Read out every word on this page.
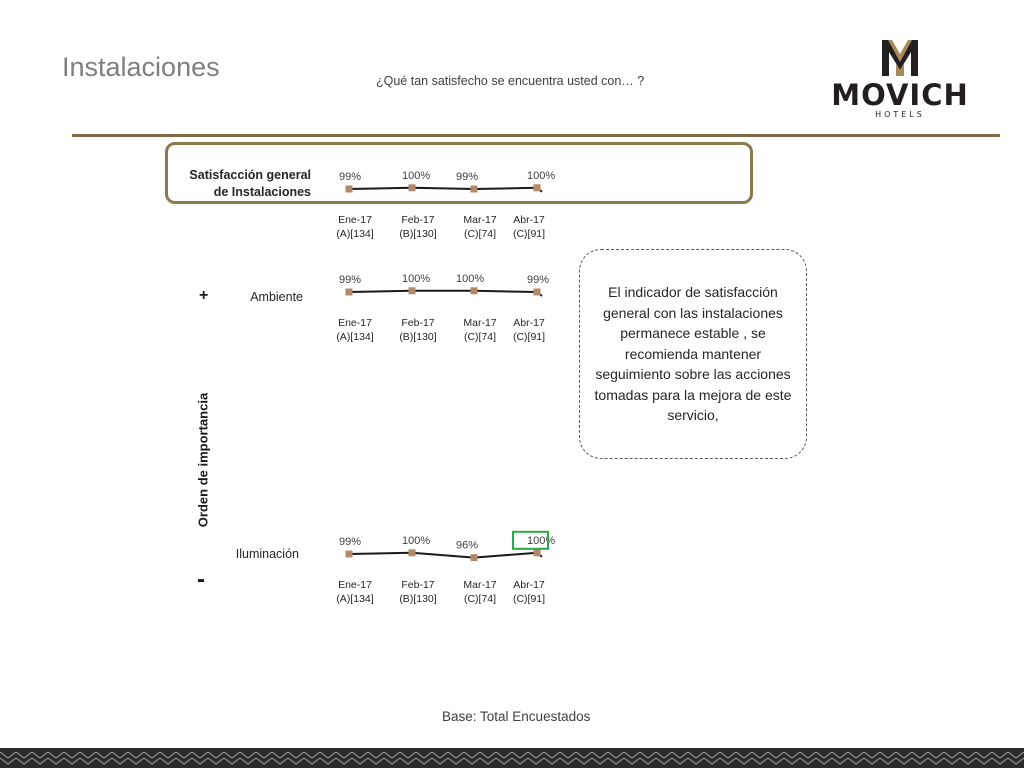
Instalaciones	¿Qué tan satisfecho se encuentra usted con… ?	MOVICH
HOTELS
Satisfacción general de Instalaciones
Ambiente
Iluminación
Orden de importancia
+
-
99%
Ene-17
(A)[134]
100%
Feb-17
(B)[130]
99%
Mar-17
(C)[74]
100%
Abr-17
(C)[91]
99%
Ene-17
(A)[134]
100%
Feb-17
(B)[130]
100%
Mar-17
(C)[74]
99%
Abr-17
(C)[91]
99%
Ene-17
(A)[134]
100%
Feb-17
(B)[130]
96%
Mar-17
(C)[74]
100%
Abr-17
(C)[91]
El indicador de satisfacción general con las instalaciones permanece estable , se recomienda mantener seguimiento sobre las acciones tomadas para la mejora de este servicio,
Base: Total Encuestados
